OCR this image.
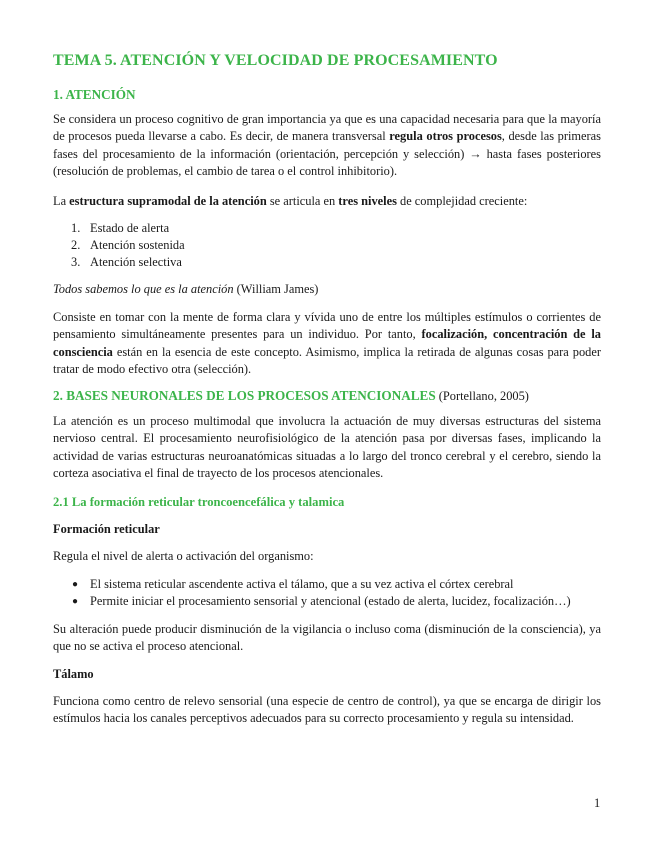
TEMA 5. ATENCIÓN Y VELOCIDAD DE PROCESAMIENTO
1. ATENCIÓN

Se considera un proceso cognitivo de gran importancia ya que es una capacidad necesaria para que la mayoría de procesos pueda llevarse a cabo. Es decir, de manera transversal regula otros procesos, desde las primeras fases del procesamiento de la información (orientación, percepción y selección) → hasta fases posteriores (resolución de problemas, el cambio de tarea o el control inhibitorio).

La estructura supramodal de la atención se articula en tres niveles de complejidad creciente:

1. Estado de alerta
2. Atención sostenida
3. Atención selectiva

Todos sabemos lo que es la atención (William James)

Consiste en tomar con la mente de forma clara y vívida uno de entre los múltiples estímulos o corrientes de pensamiento simultáneamente presentes para un individuo. Por tanto, focalización, concentración de la consciencia están en la esencia de este concepto. Asimismo, implica la retirada de algunas cosas para poder tratar de modo efectivo otra (selección).

2. BASES NEURONALES DE LOS PROCESOS ATENCIONALES (Portellano, 2005)

La atención es un proceso multimodal que involucra la actuación de muy diversas estructuras del sistema nervioso central. El procesamiento neurofisiológico de la atención pasa por diversas fases, implicando la actividad de varias estructuras neuroanatómicas situadas a lo largo del tronco cerebral y el cerebro, siendo la corteza asociativa el final de trayecto de los procesos atencionales.

2.1 La formación reticular troncoencefálica y talamica
Formación reticular

Regula el nivel de alerta o activación del organismo:

● El sistema reticular ascendente activa el tálamo, que a su vez activa el córtex cerebral
● Permite iniciar el procesamiento sensorial y atencional (estado de alerta, lucidez, focalización…)

Su alteración puede producir disminución de la vigilancia o incluso coma (disminución de la consciencia), ya que no se activa el proceso atencional.

Tálamo

Funciona como centro de relevo sensorial (una especie de centro de control), ya que se encarga de dirigir los estímulos hacia los canales perceptivos adecuados para su correcto procesamiento y regula su intensidad.

1
